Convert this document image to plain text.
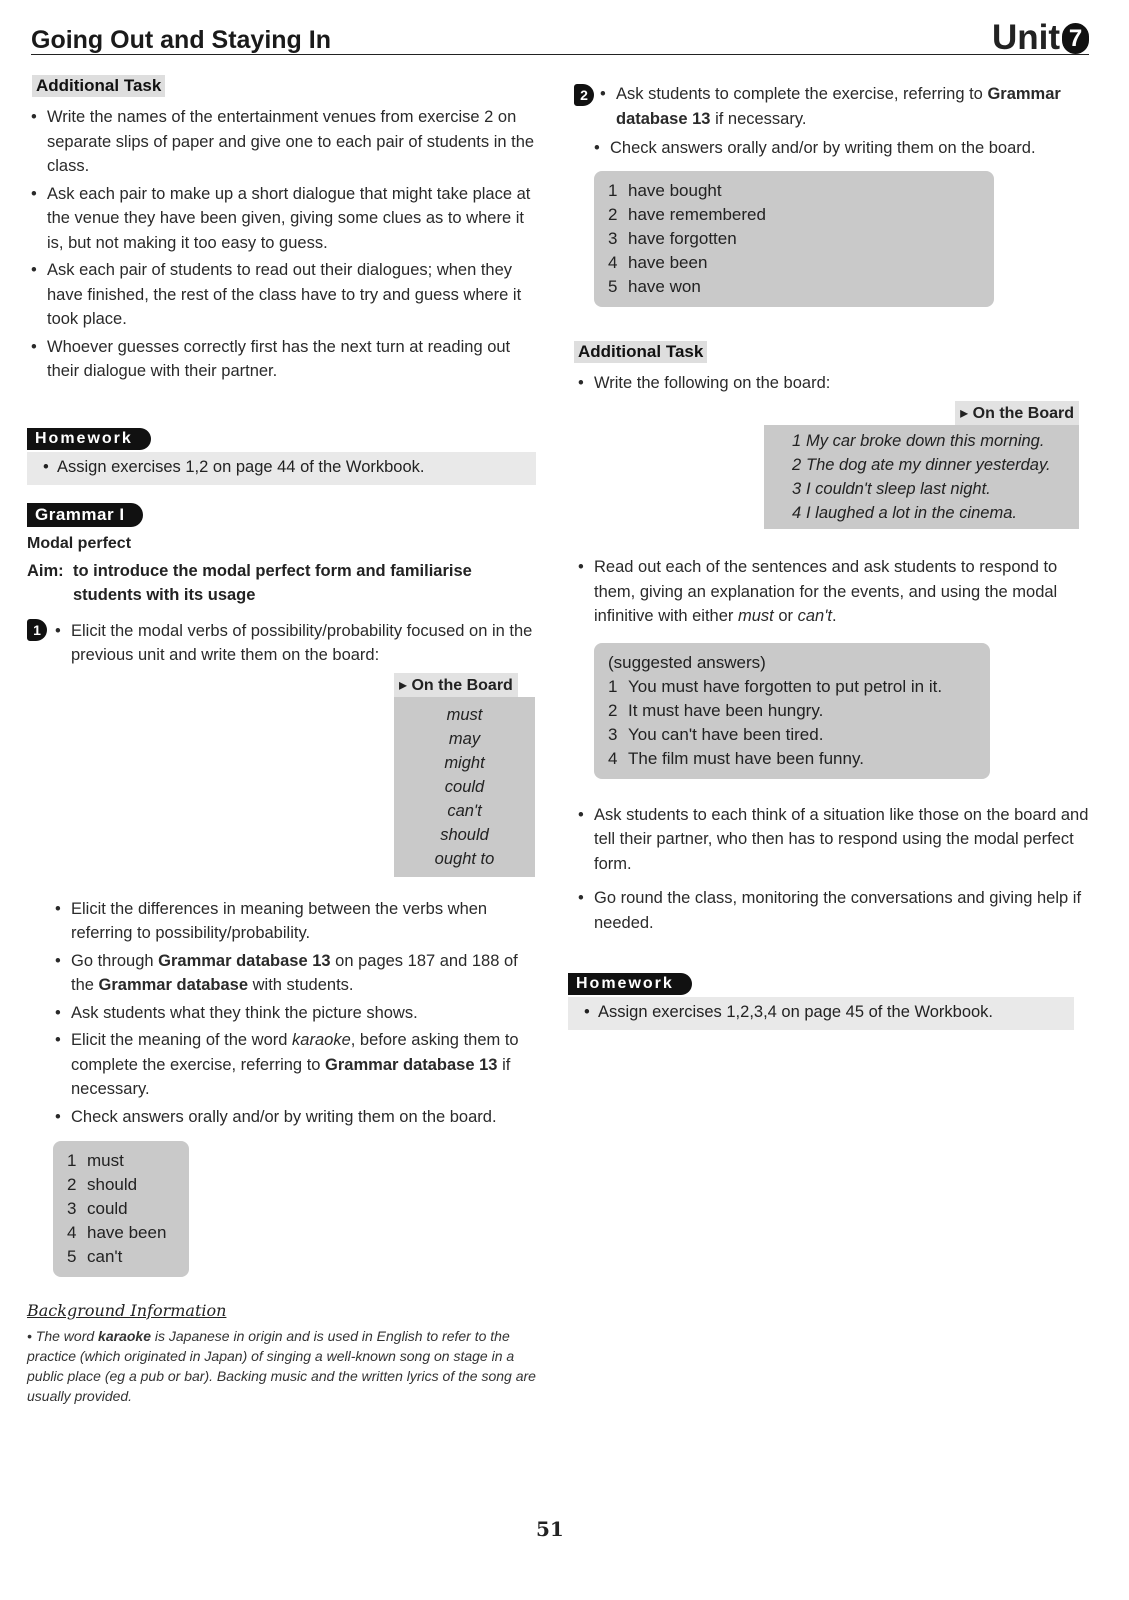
Going Out and Staying In	Unit 7
Additional Task
• Write the names of the entertainment venues from exercise 2 on separate slips of paper and give one to each pair of students in the class.
• Ask each pair to make up a short dialogue that might take place at the venue they have been given, giving some clues as to where it is, but not making it too easy to guess.
• Ask each pair of students to read out their dialogues; when they have finished, the rest of the class have to try and guess where it took place.
• Whoever guesses correctly first has the next turn at reading out their dialogue with their partner.
Homework
• Assign exercises 1,2 on page 44 of the Workbook.
Grammar I
Modal perfect
Aim: to introduce the modal perfect form and familiarise students with its usage
1	• Elicit the modal verbs of possibility/probability focused on in the previous unit and write them on the board:
▸ On the Board
must
may
might
could
can't
should
ought to
• Elicit the differences in meaning between the verbs when referring to possibility/probability.
• Go through Grammar database 13 on pages 187 and 188 of the Grammar database with students.
• Ask students what they think the picture shows.
• Elicit the meaning of the word karaoke, before asking them to complete the exercise, referring to Grammar database 13 if necessary.
• Check answers orally and/or by writing them on the board.
1 must
2 should
3 could
4 have been
5 can't
Background Information
• The word karaoke is Japanese in origin and is used in English to refer to the practice (which originated in Japan) of singing a well-known song on stage in a public place (eg a pub or bar). Backing music and the written lyrics of the song are usually provided.
2	• Ask students to complete the exercise, referring to Grammar database 13 if necessary.
• Check answers orally and/or by writing them on the board.
1 have bought
2 have remembered
3 have forgotten
4 have been
5 have won
Additional Task
• Write the following on the board:
▸ On the Board
1 My car broke down this morning.
2 The dog ate my dinner yesterday.
3 I couldn't sleep last night.
4 I laughed a lot in the cinema.
• Read out each of the sentences and ask students to respond to them, giving an explanation for the events, and using the modal infinitive with either must or can't.
(suggested answers)
1 You must have forgotten to put petrol in it.
2 It must have been hungry.
3 You can't have been tired.
4 The film must have been funny.
• Ask students to each think of a situation like those on the board and tell their partner, who then has to respond using the modal perfect form.
• Go round the class, monitoring the conversations and giving help if needed.
Homework
• Assign exercises 1,2,3,4 on page 45 of the Workbook.
51
